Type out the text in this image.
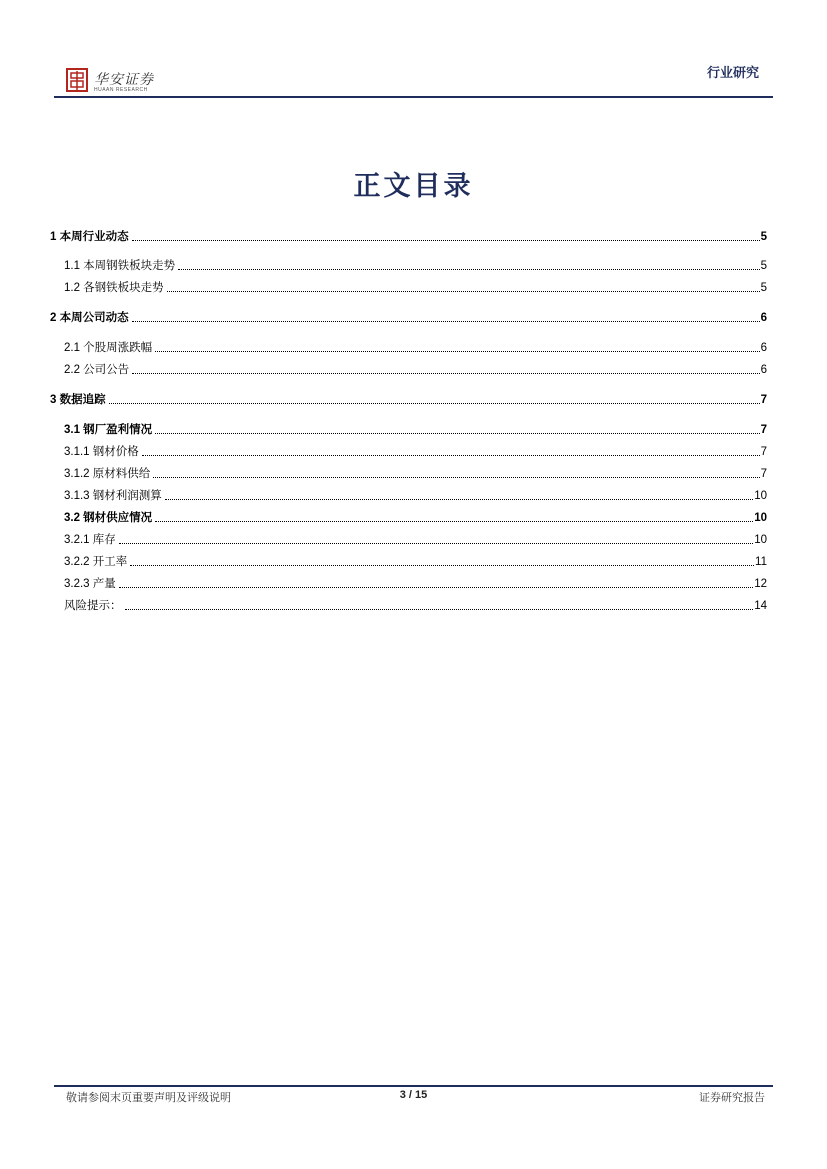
华安证券
HUAAN RESEARCH
行业研究
正文目录
1 本周行业动态	5
1.1 本周钢铁板块走势	5
1.2 各钢铁板块走势	5
2 本周公司动态	6
2.1 个股周涨跌幅	6
2.2 公司公告	6
3 数据追踪	7
3.1 钢厂盈利情况	7
3.1.1 钢材价格	7
3.1.2 原材料供给	7
3.1.3 钢材利润测算	10
3.2 钢材供应情况	10
3.2.1 库存	10
3.2.2 开工率	11
3.2.3 产量	12
风险提示：	14
敬请参阅末页重要声明及评级说明	3 / 15	证券研究报告
